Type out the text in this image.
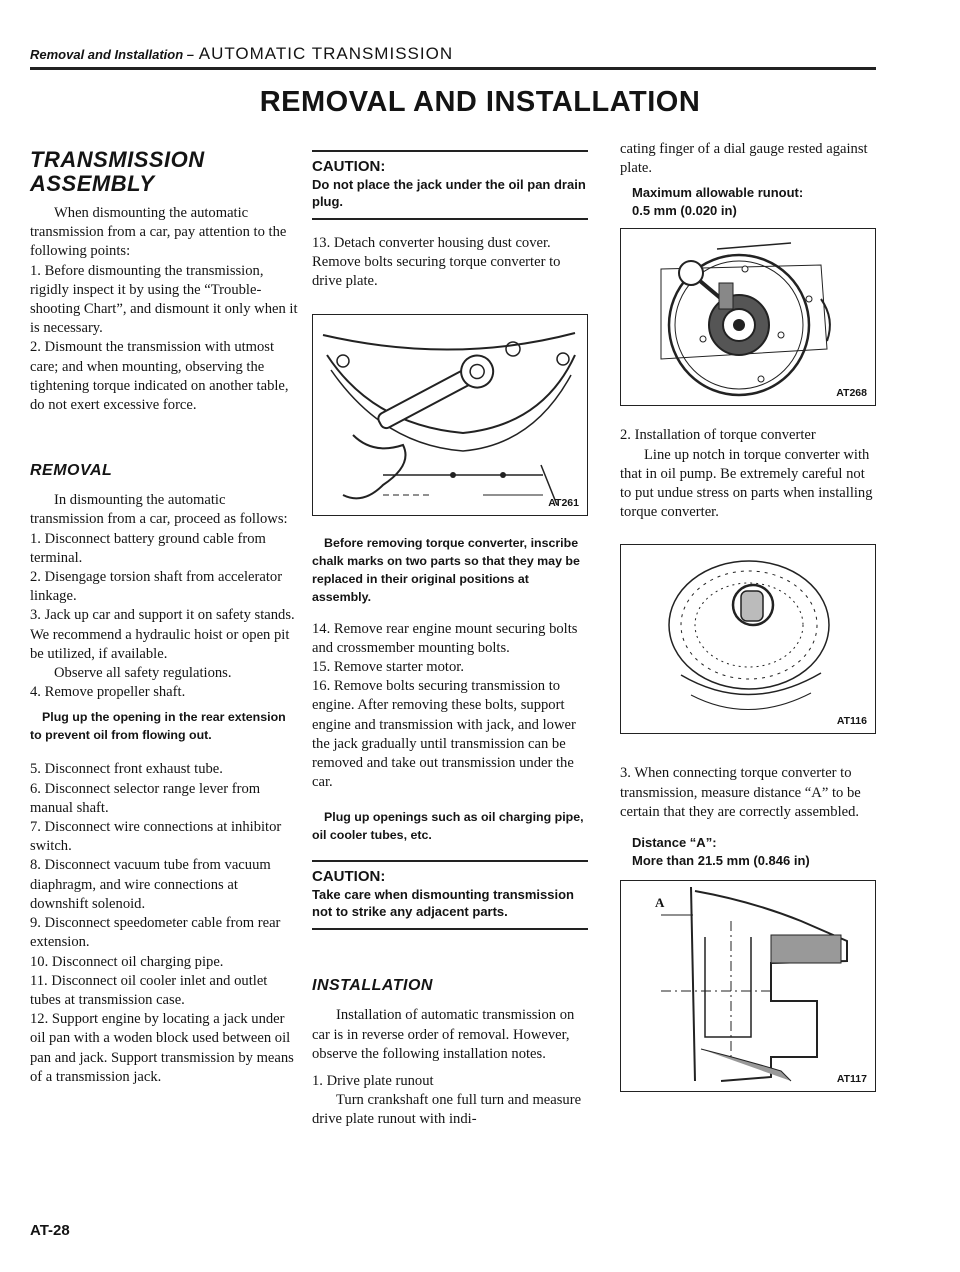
Removal and Installation – AUTOMATIC TRANSMISSION
REMOVAL AND INSTALLATION
TRANSMISSION ASSEMBLY

When dismounting the automatic transmission from a car, pay attention to the following points:

1. Before dismounting the transmission, rigidly inspect it by using the “Trouble-shooting Chart”, and dismount it only when it is necessary.

2. Dismount the transmission with utmost care; and when mounting, observing the tightening torque indicated on another table, do not exert excessive force.

REMOVAL

In dismounting the automatic transmission from a car, proceed as follows:

1. Disconnect battery ground cable from terminal.

2. Disengage torsion shaft from accelerator linkage.

3. Jack up car and support it on safety stands. We recommend a hydraulic hoist or open pit be utilized, if available.

Observe all safety regulations.

4. Remove propeller shaft.

Plug up the opening in the rear extension to prevent oil from flowing out.

5. Disconnect front exhaust tube.

6. Disconnect selector range lever from manual shaft.

7. Disconnect wire connections at inhibitor switch.

8. Disconnect vacuum tube from vacuum diaphragm, and wire connections at downshift solenoid.

9. Disconnect speedometer cable from rear extension.

10. Disconnect oil charging pipe.

11. Disconnect oil cooler inlet and outlet tubes at transmission case.

12. Support engine by locating a jack under oil pan with a woden block used between oil pan and jack. Support transmission by means of a transmission jack.

CAUTION:
Do not place the jack under the oil pan drain plug.

13. Detach converter housing dust cover. Remove bolts securing torque converter to drive plate.

AT261

Before removing torque converter, inscribe chalk marks on two parts so that they may be replaced in their original positions at assembly.

14. Remove rear engine mount securing bolts and crossmember mounting bolts.

15. Remove starter motor.

16. Remove bolts securing transmission to engine. After removing these bolts, support engine and transmission with jack, and lower the jack gradually until transmission can be removed and take out transmission under the car.

Plug up openings such as oil charging pipe, oil cooler tubes, etc.

CAUTION:
Take care when dismounting transmission not to strike any adjacent parts.
INSTALLATION

Installation of automatic transmission on car is in reverse order of removal. However, observe the following installation notes.

1. Drive plate runout

Turn crankshaft one full turn and measure drive plate runout with indi-

cating finger of a dial gauge rested against plate.

Maximum allowable runout:
0.5 mm (0.020 in)
AT268

2. Installation of torque converter

Line up notch in torque converter with that in oil pump. Be extremely careful not to put undue stress on parts when installing torque converter.

AT116

3. When connecting torque converter to transmission, measure distance “A” to be certain that they are correctly assembled.

Distance “A”:
More than 21.5 mm (0.846 in)
A
AT117
AT-28
